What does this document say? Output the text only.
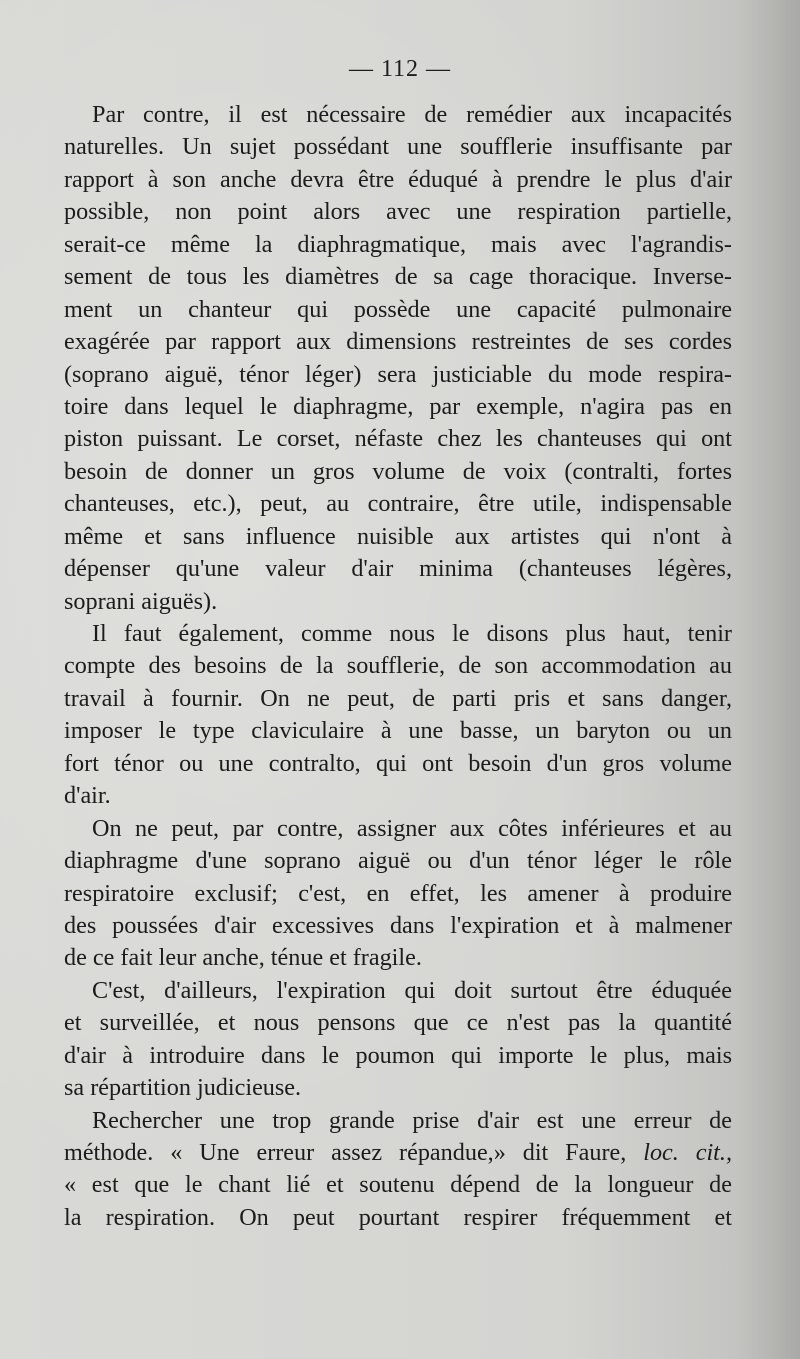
— 112 —
Par contre, il est nécessaire de remédier aux incapacités
naturelles. Un sujet possédant une soufflerie insuffisante par
rapport à son anche devra être éduqué à prendre le plus d'air
possible, non point alors avec une respiration partielle,
serait-ce même la diaphragmatique, mais avec l'agrandis-
sement de tous les diamètres de sa cage thoracique. Inverse-
ment un chanteur qui possède une capacité pulmonaire
exagérée par rapport aux dimensions restreintes de ses cordes
(soprano aiguë, ténor léger) sera justiciable du mode respira-
toire dans lequel le diaphragme, par exemple, n'agira pas en
piston puissant. Le corset, néfaste chez les chanteuses qui ont
besoin de donner un gros volume de voix (contralti, fortes
chanteuses, etc.), peut, au contraire, être utile, indispensable
même et sans influence nuisible aux artistes qui n'ont à
dépenser qu'une valeur d'air minima (chanteuses légères,
soprani aiguës).
Il faut également, comme nous le disons plus haut, tenir
compte des besoins de la soufflerie, de son accommodation au
travail à fournir. On ne peut, de parti pris et sans danger,
imposer le type claviculaire à une basse, un baryton ou un
fort ténor ou une contralto, qui ont besoin d'un gros volume
d'air.
On ne peut, par contre, assigner aux côtes inférieures et au
diaphragme d'une soprano aiguë ou d'un ténor léger le rôle
respiratoire exclusif; c'est, en effet, les amener à produire
des poussées d'air excessives dans l'expiration et à malmener
de ce fait leur anche, ténue et fragile.
C'est, d'ailleurs, l'expiration qui doit surtout être éduquée
et surveillée, et nous pensons que ce n'est pas la quantité
d'air à introduire dans le poumon qui importe le plus, mais
sa répartition judicieuse.
Rechercher une trop grande prise d'air est une erreur de
méthode. « Une erreur assez répandue,» dit Faure, loc. cit.,
« est que le chant lié et soutenu dépend de la longueur de
la respiration. On peut pourtant respirer fréquemment et
